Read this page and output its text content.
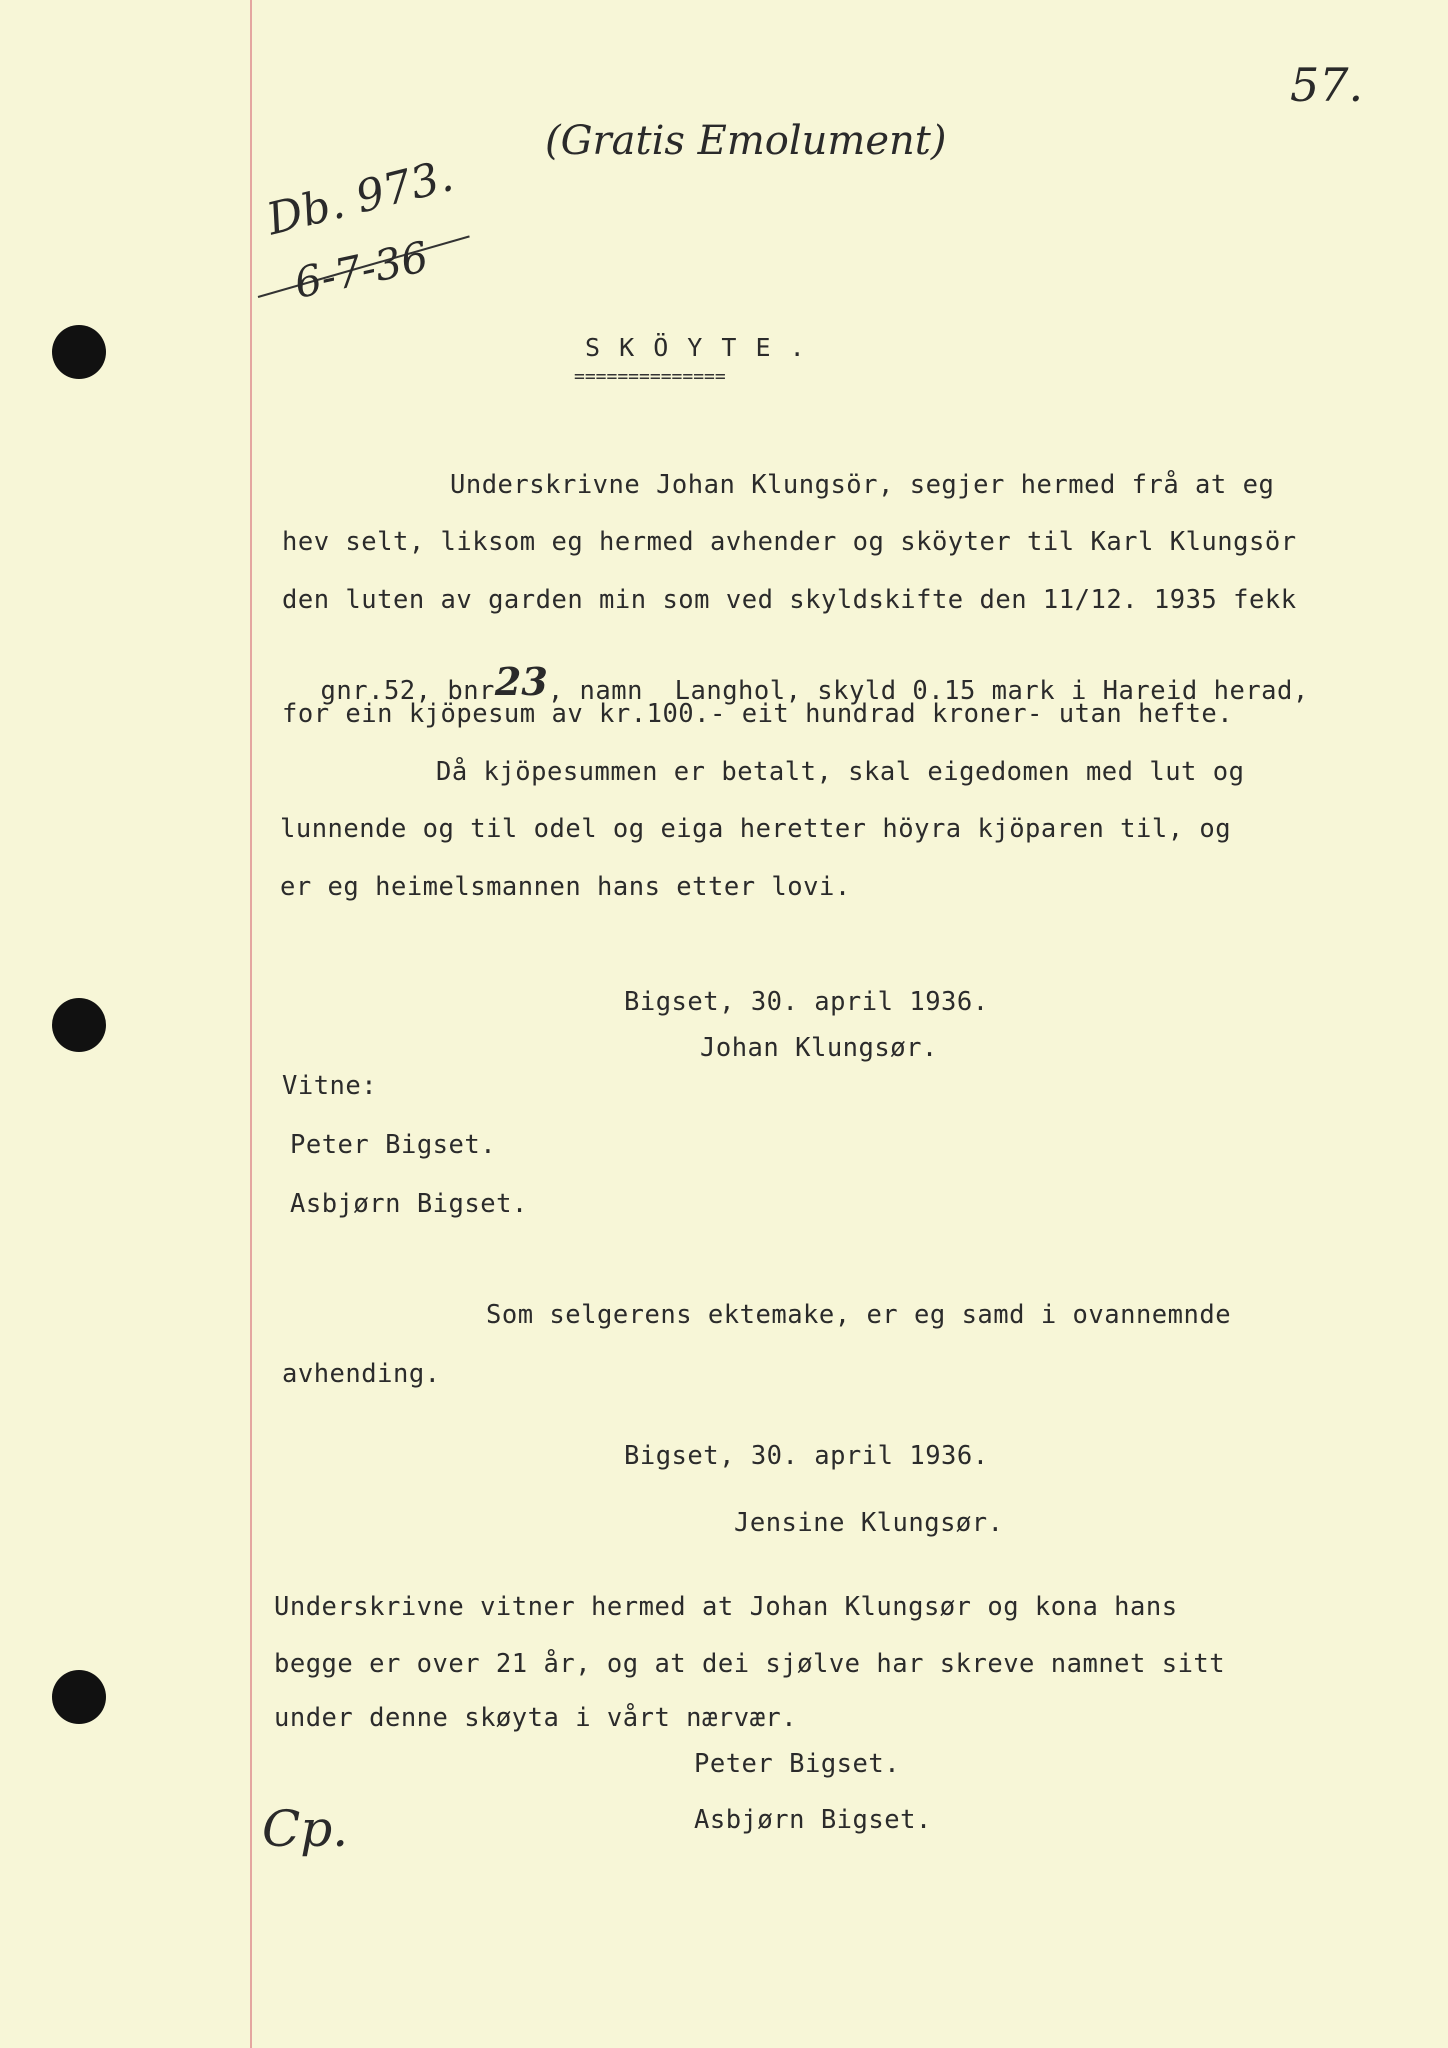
(Gratis Emolument)
57.
Db. 973.
6-7-36
S K Ö Y T E .
==============
Underskrivne Johan Klungsör, segjer hermed frå at eg
hev selt, liksom eg hermed avhender og sköyter til Karl Klungsör
den luten av garden min som ved skyldskifte den 11/12. 1935 fekk

gnr.52, bnr23, namn  Langhol, skyld 0.15 mark i Hareid herad,

for ein kjöpesum av kr.100.- eit hundrad kroner- utan hefte.
Då kjöpesummen er betalt, skal eigedomen med lut og
lunnende og til odel og eiga heretter höyra kjöparen til, og
er eg heimelsmannen hans etter lovi.
Bigset, 30. april 1936.
Johan Klungsør.
Vitne:
Peter Bigset.
Asbjørn Bigset.
Som selgerens ektemake, er eg samd i ovannemnde
avhending.
Bigset, 30. april 1936.
Jensine Klungsør.
Underskrivne vitner hermed at Johan Klungsør og kona hans
begge er over 21 år, og at dei sjølve har skreve namnet sitt
under denne skøyta i vårt nærvær.
Peter Bigset.
Asbjørn Bigset.
Cp.
